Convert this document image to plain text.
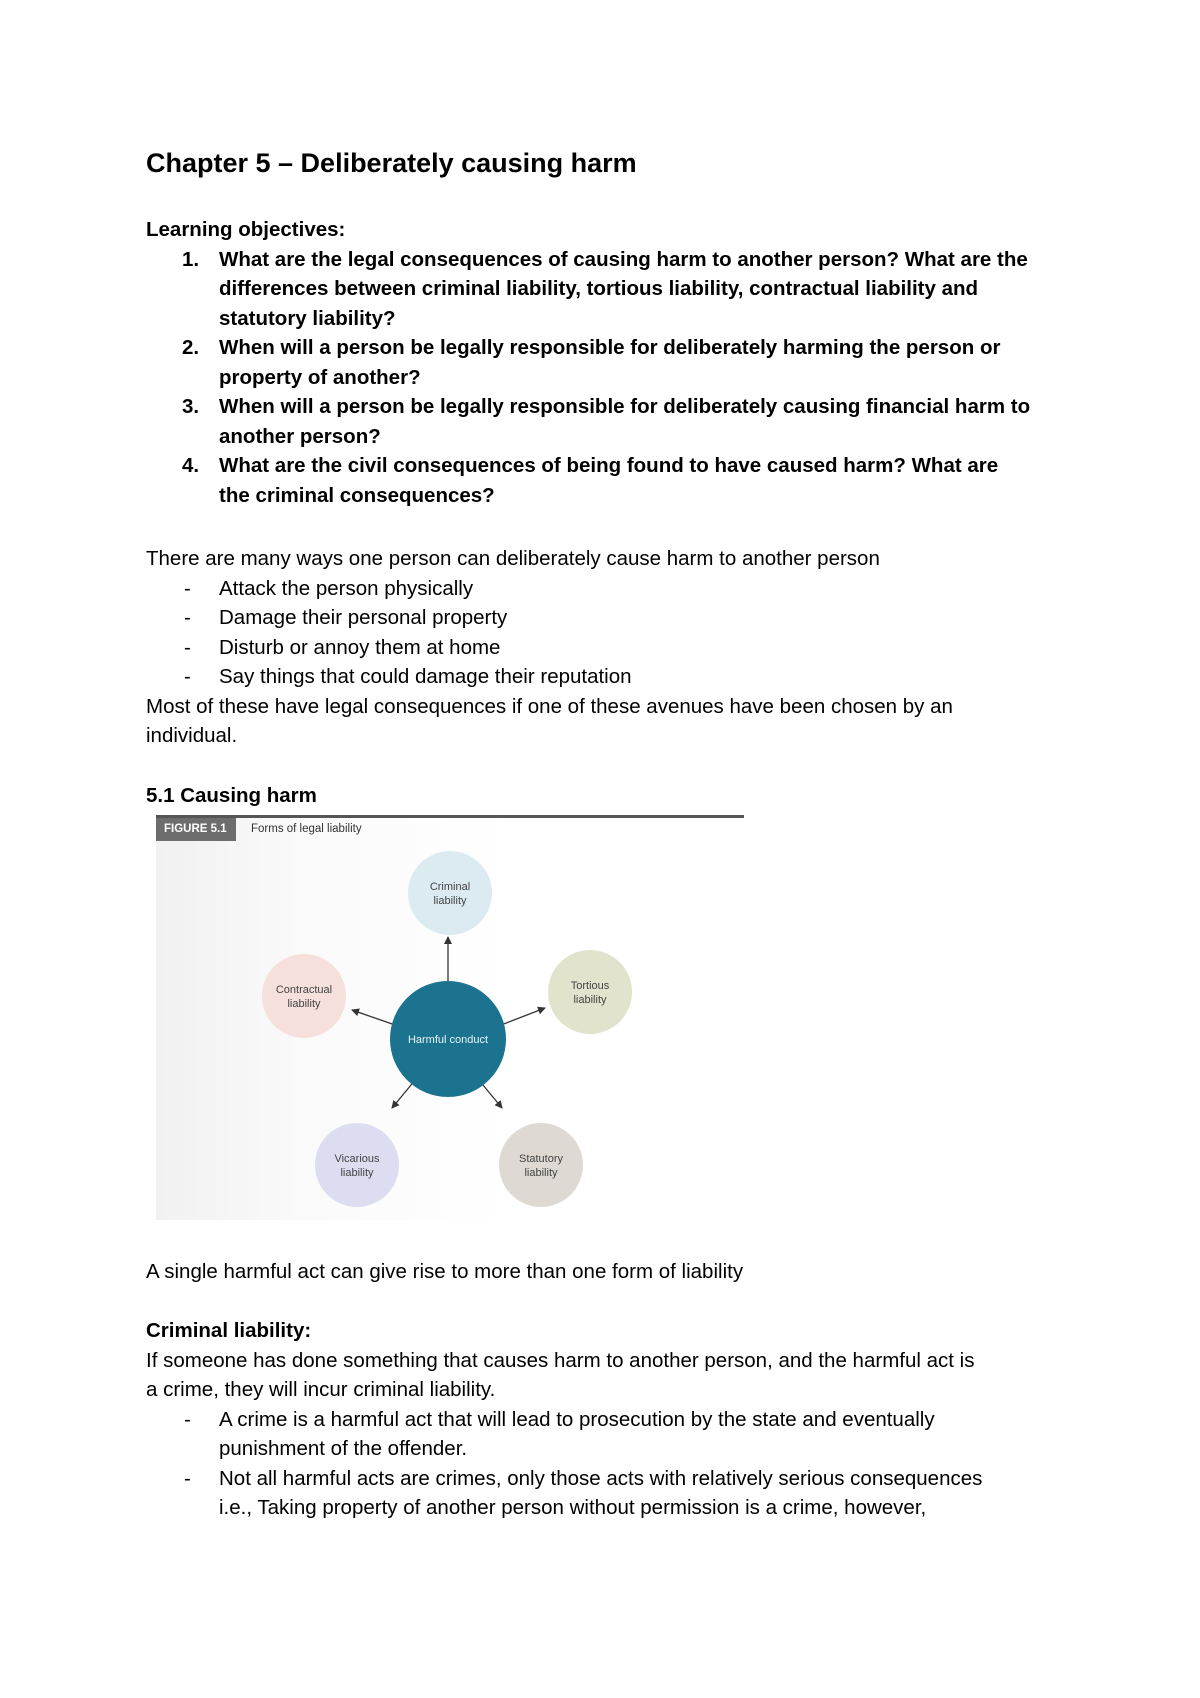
Chapter 5 – Deliberately causing harm

Learning objectives:

1. What are the legal consequences of causing harm to another person? What are the
differences between criminal liability, tortious liability, contractual liability and
statutory liability?
2. When will a person be legally responsible for deliberately harming the person or
property of another?
3. When will a person be legally responsible for deliberately causing financial harm to
another person?
4. What are the civil consequences of being found to have caused harm? What are
the criminal consequences?

There are many ways one person can deliberately cause harm to another person

- Attack the person physically
- Damage their personal property
- Disturb or annoy them at home
- Say things that could damage their reputation

Most of these have legal consequences if one of these avenues have been chosen by an

individual.

5.1 Causing harm
FIGURE 5.1	Forms of legal liability
Criminal
liability
Tortious
liability
Statutory
liability
Vicarious
liability
Contractual
liability
Harmful conduct
A single harmful act can give rise to more than one form of liability

Criminal liability:

If someone has done something that causes harm to another person, and the harmful act is

a crime, they will incur criminal liability.

- A crime is a harmful act that will lead to prosecution by the state and eventually
punishment of the offender.
- Not all harmful acts are crimes, only those acts with relatively serious consequences
i.e., Taking property of another person without permission is a crime, however,
